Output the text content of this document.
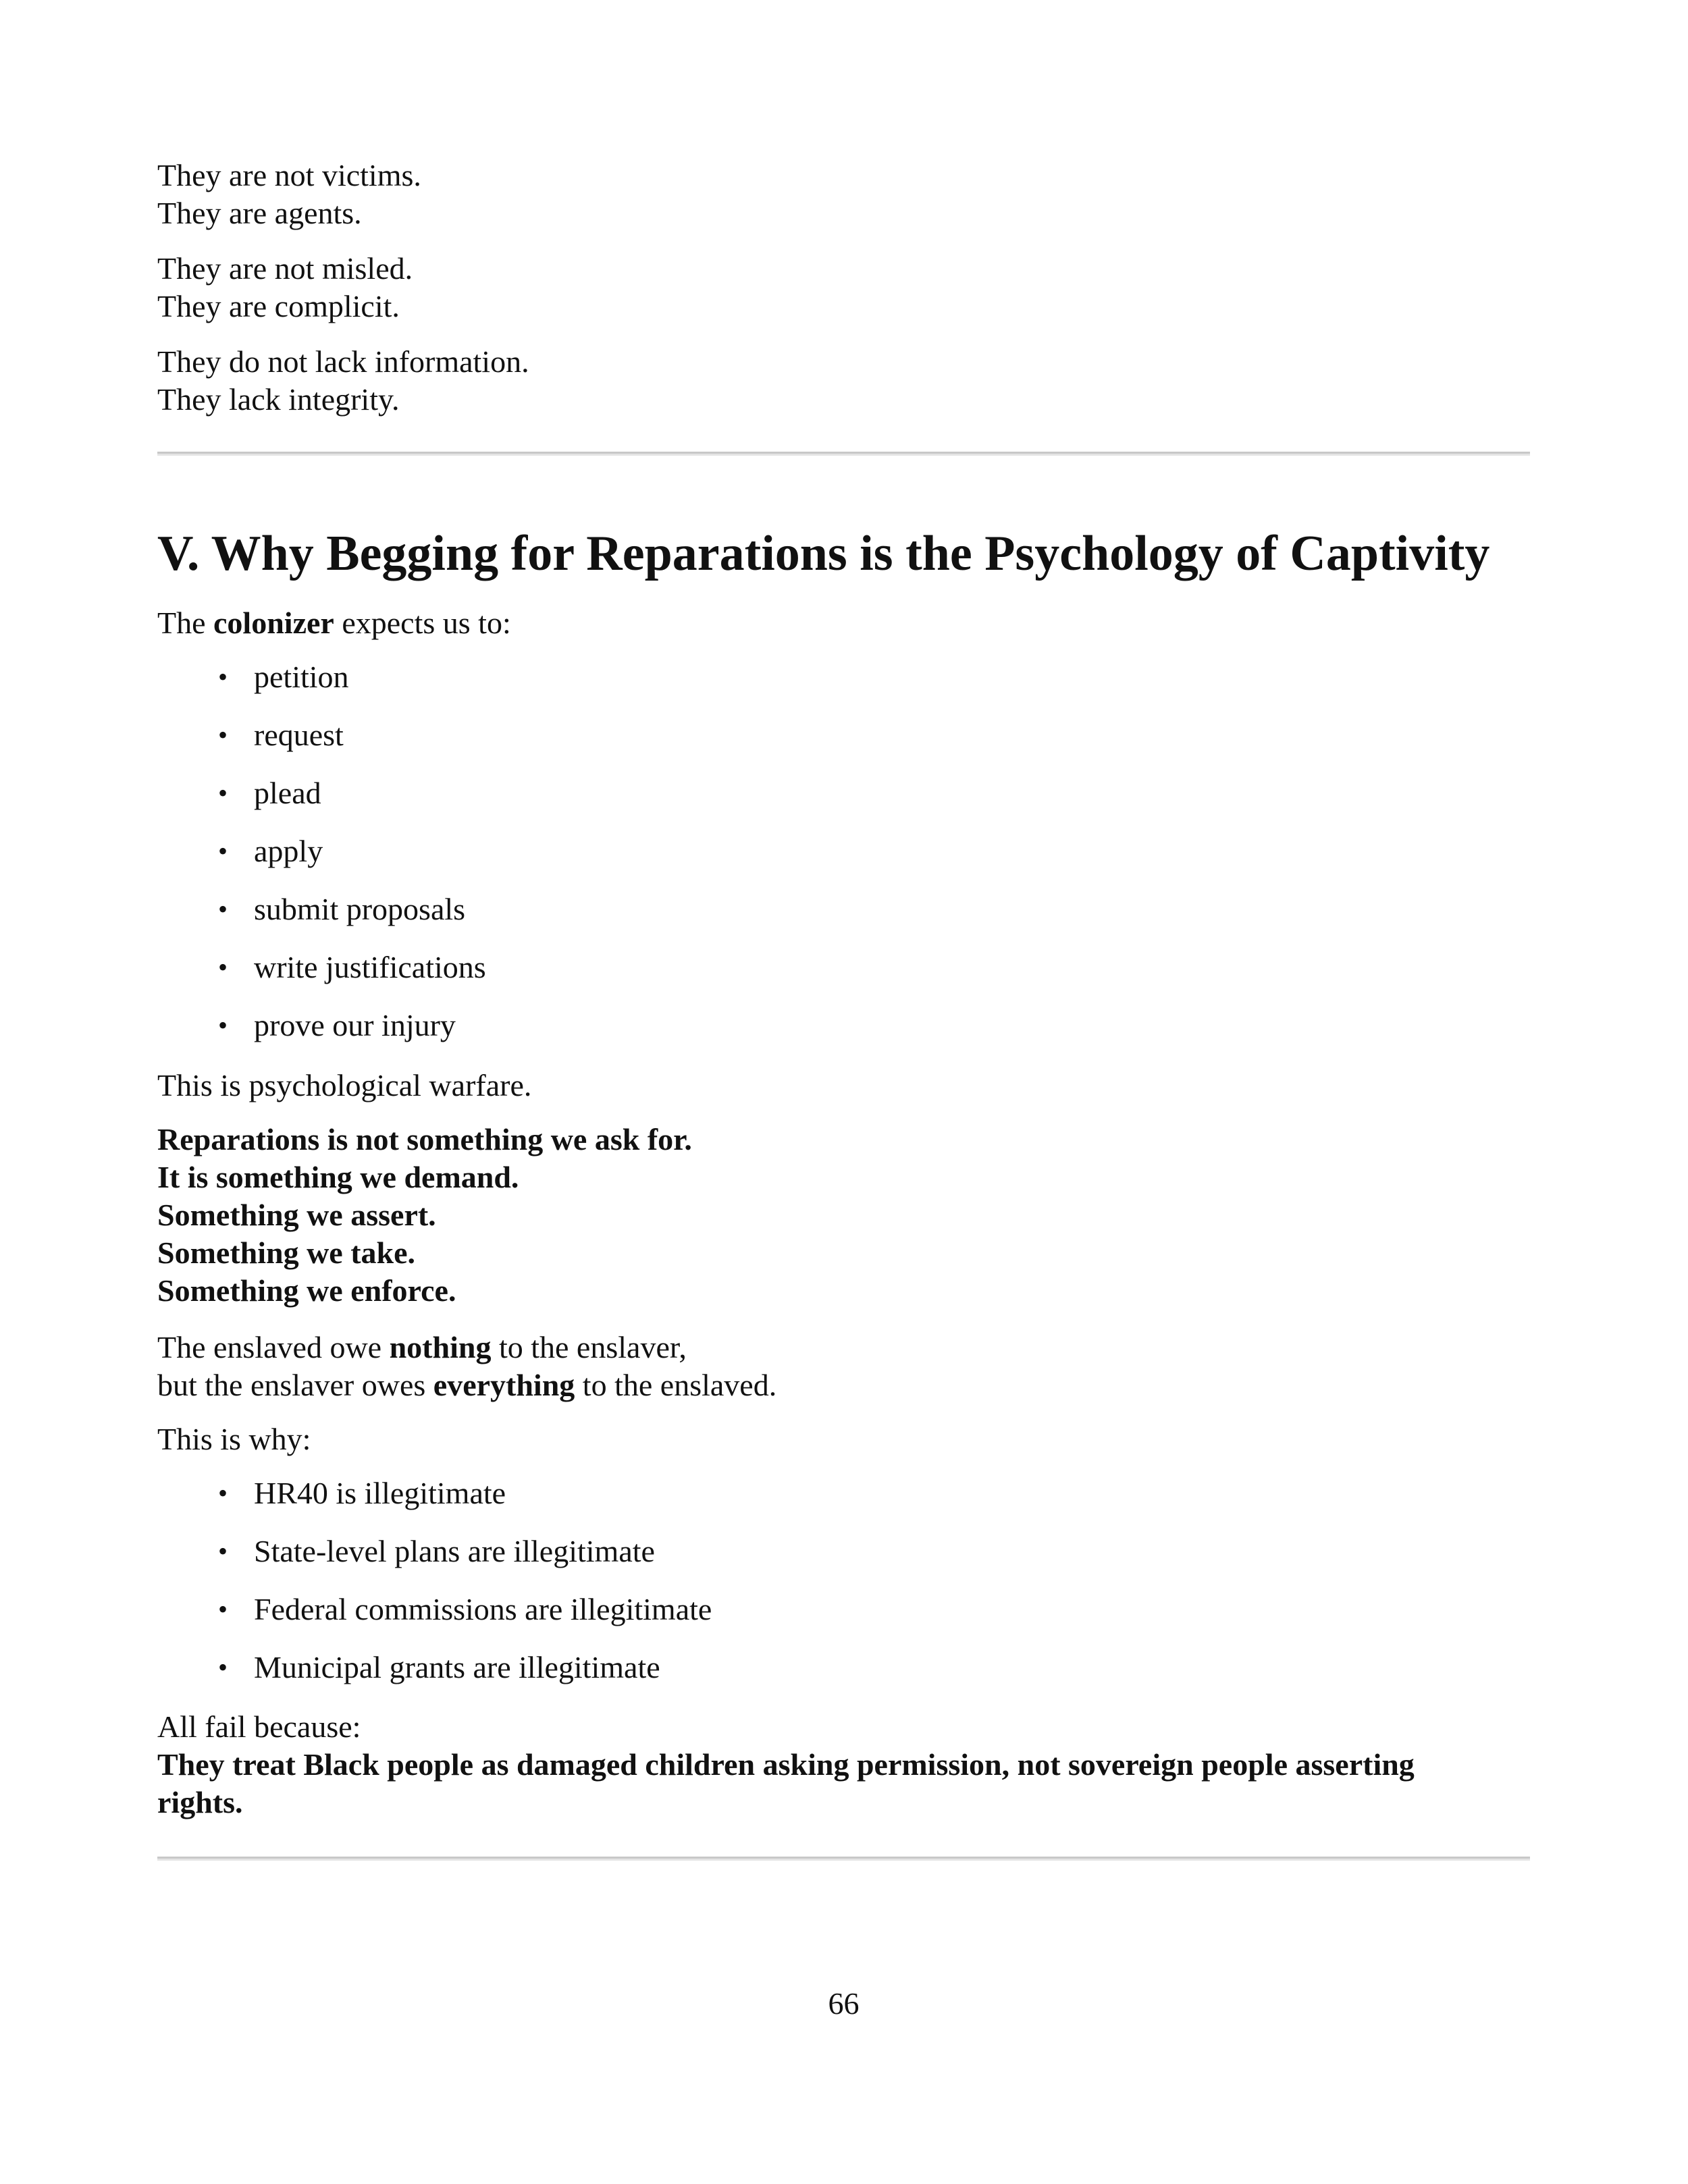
They are not victims.
They are agents.

They are not misled.
They are complicit.

They do not lack information.
They lack integrity.

V. Why Begging for Reparations is the Psychology of Captivity

The colonizer expects us to:

• petition
• request
• plead
• apply
• submit proposals
• write justifications
• prove our injury

This is psychological warfare.

Reparations is not something we ask for.
It is something we demand.
Something we assert.
Something we take.
Something we enforce.

The enslaved owe nothing to the enslaver,
but the enslaver owes everything to the enslaved.

This is why:

• HR40 is illegitimate
• State-level plans are illegitimate
• Federal commissions are illegitimate
• Municipal grants are illegitimate

All fail because:
They treat Black people as damaged children asking permission, not sovereign people asserting
rights.

66
